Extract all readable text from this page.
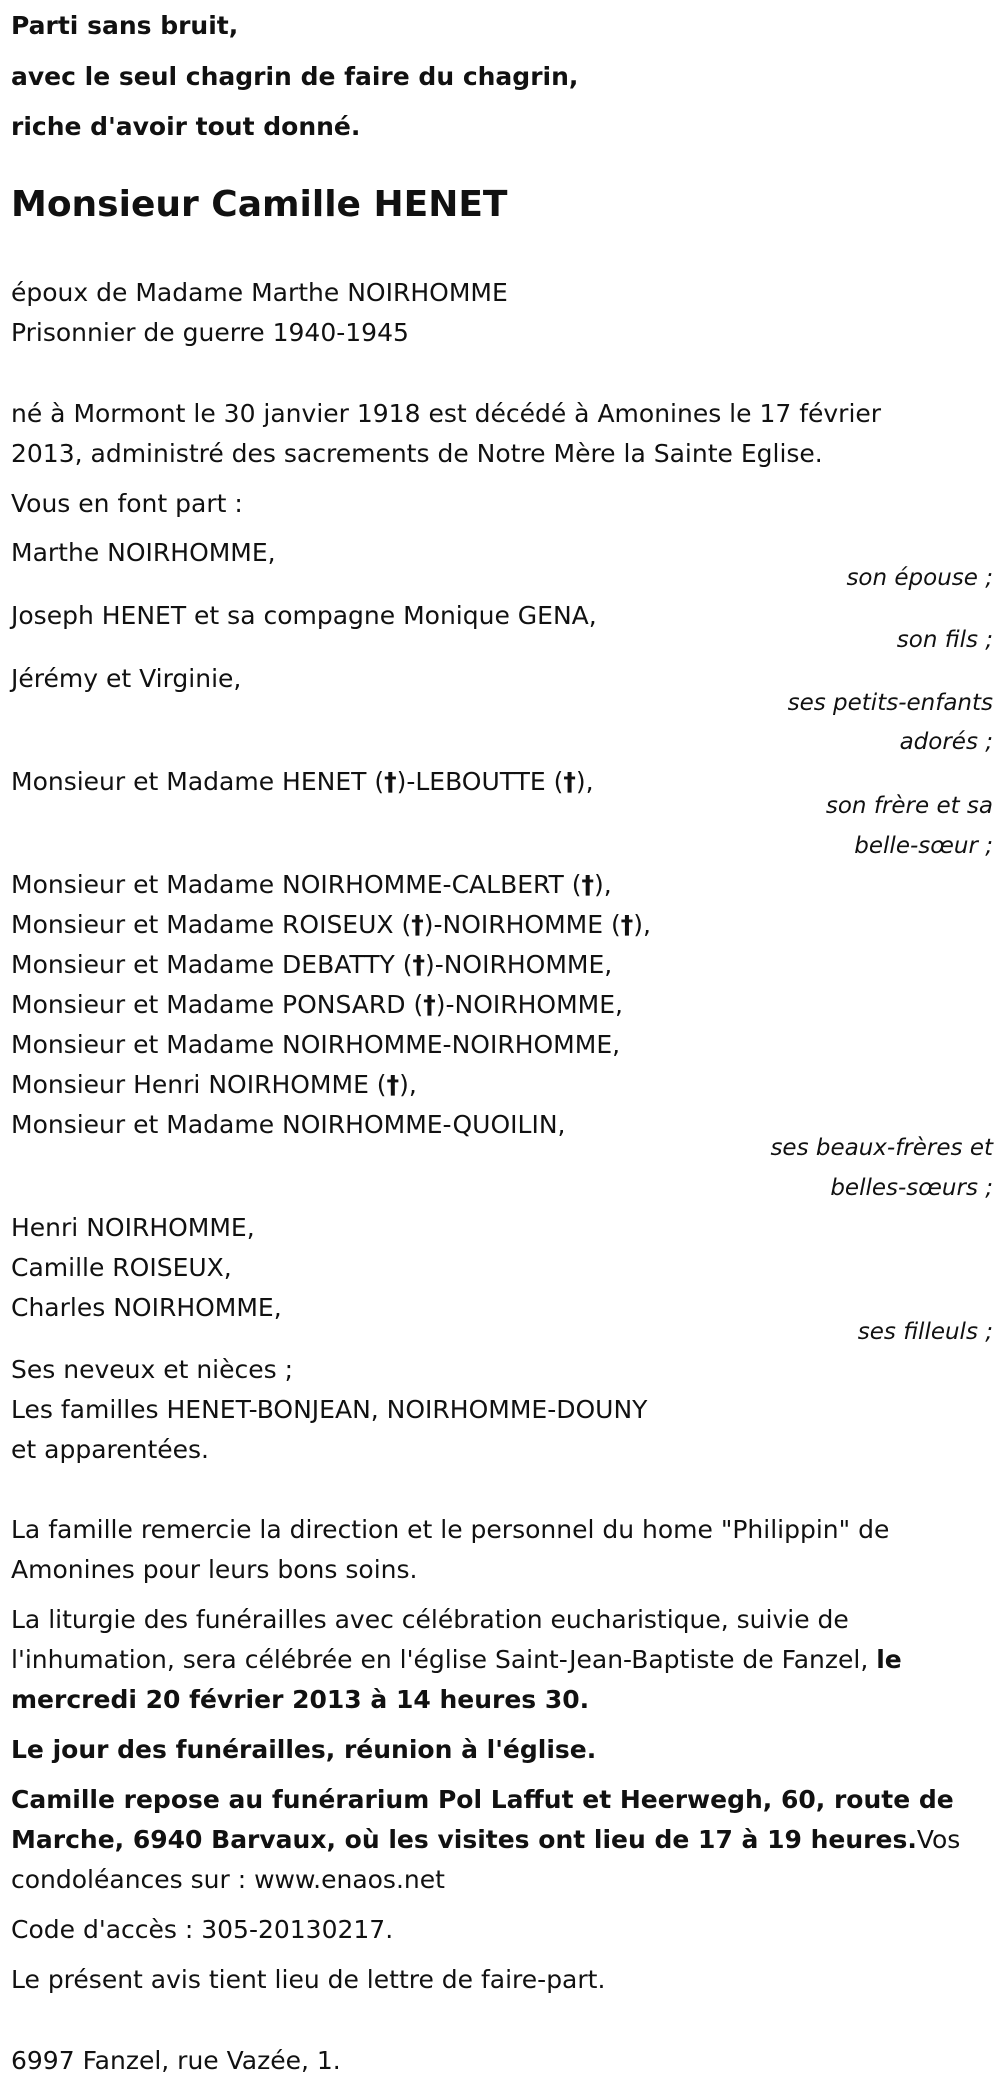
Parti sans bruit,
avec le seul chagrin de faire du chagrin,
riche d'avoir tout donné.
Monsieur Camille HENET
époux de Madame Marthe NOIRHOMME
Prisonnier de guerre 1940-1945
né à Mormont le 30 janvier 1918 est décédé à Amonines le 17 février
2013, administré des sacrements de Notre Mère la Sainte Eglise.
Vous en font part :
Marthe NOIRHOMME,
son épouse ;
Joseph HENET et sa compagne Monique GENA,
son fils ;
Jérémy et Virginie,
ses petits-enfants
adorés ;
Monsieur et Madame HENET (†)-LEBOUTTE (†),
son frère et sa
belle-sœur ;
Monsieur et Madame NOIRHOMME-CALBERT (†),
Monsieur et Madame ROISEUX (†)-NOIRHOMME (†),
Monsieur et Madame DEBATTY (†)-NOIRHOMME,
Monsieur et Madame PONSARD (†)-NOIRHOMME,
Monsieur et Madame NOIRHOMME-NOIRHOMME,
Monsieur Henri NOIRHOMME (†),
Monsieur et Madame NOIRHOMME-QUOILIN,
ses beaux-frères et
belles-sœurs ;
Henri NOIRHOMME,
Camille ROISEUX,
Charles NOIRHOMME,
ses filleuls ;
Ses neveux et nièces ;
Les familles HENET-BONJEAN, NOIRHOMME-DOUNY
et apparentées.
La famille remercie la direction et le personnel du home "Philippin" de
Amonines pour leurs bons soins.
La liturgie des funérailles avec célébration eucharistique, suivie de
l'inhumation, sera célébrée en l'église Saint-Jean-Baptiste de Fanzel, le
mercredi 20 février 2013 à 14 heures 30.
Le jour des funérailles, réunion à l'église.
Camille repose au funérarium Pol Laffut et Heerwegh, 60, route de
Marche, 6940 Barvaux, où les visites ont lieu de 17 à 19 heures.Vos
condoléances sur : www.enaos.net
Code d'accès : 305-20130217.
Le présent avis tient lieu de lettre de faire-part.
6997 Fanzel, rue Vazée, 1.
